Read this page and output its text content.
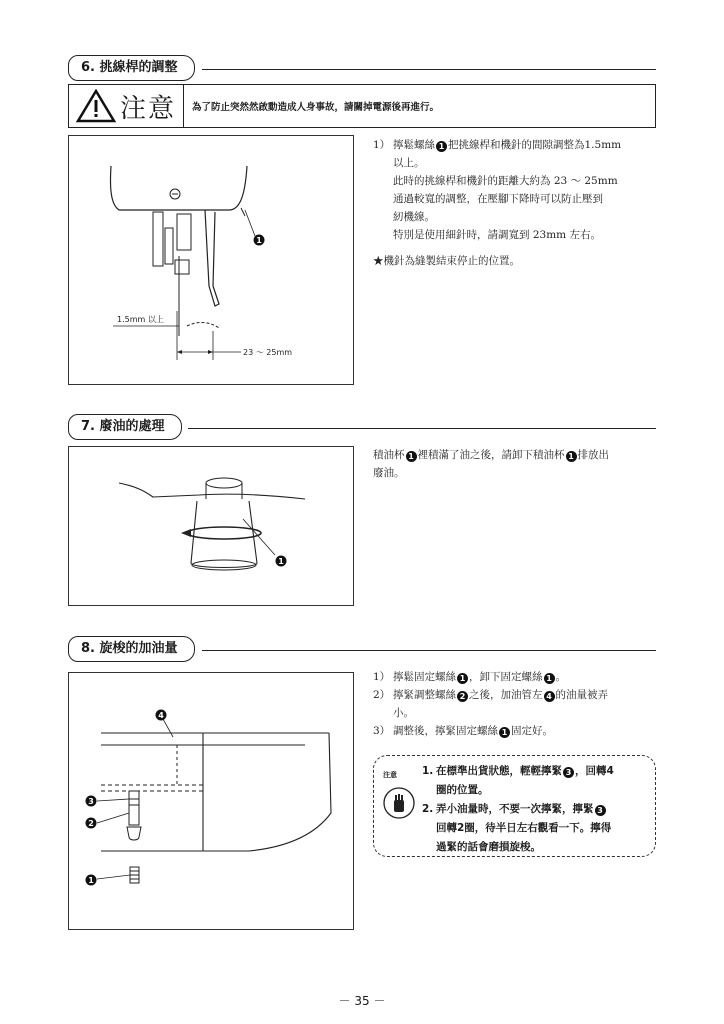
6. 挑線桿的調整
注意	為了防止突然然啟動造成人身事故，請關掉電源後再進行。
1
1.5mm 以上
23 ～ 25mm
1） 擰鬆螺絲 1 把挑線桿和機針的間隙調整為1.5mm
以上。
此時的挑線桿和機針的距離大約為 23 ～ 25mm
通過較寬的調整，在壓腳下降時可以防止壓到
紉機線。
特別是使用細針時，請調寬到 23mm 左右。
★機針為縫製結束停止的位置。
7. 廢油的處理
1
積油杯 1 裡積滿了油之後，請卸下積油杯 1 排放出
廢油。
8. 旋梭的加油量
4
3
2
1
1） 擰鬆固定螺絲 1 ，卸下固定螺絲 1 。
2） 擰緊調整螺絲 2 之後，加油管左 4 的油量被弄
小。
3） 調整後，擰緊固定螺絲 1 固定好。
注意 1. 在標準出貨狀態，輕輕擰緊 3 ，回轉4
圈的位置。
2. 弄小油量時，不要一次擰緊，擰緊 3
回轉2圈，待半日左右觀看一下。擰得
過緊的話會磨損旋梭。
－ 35 －
